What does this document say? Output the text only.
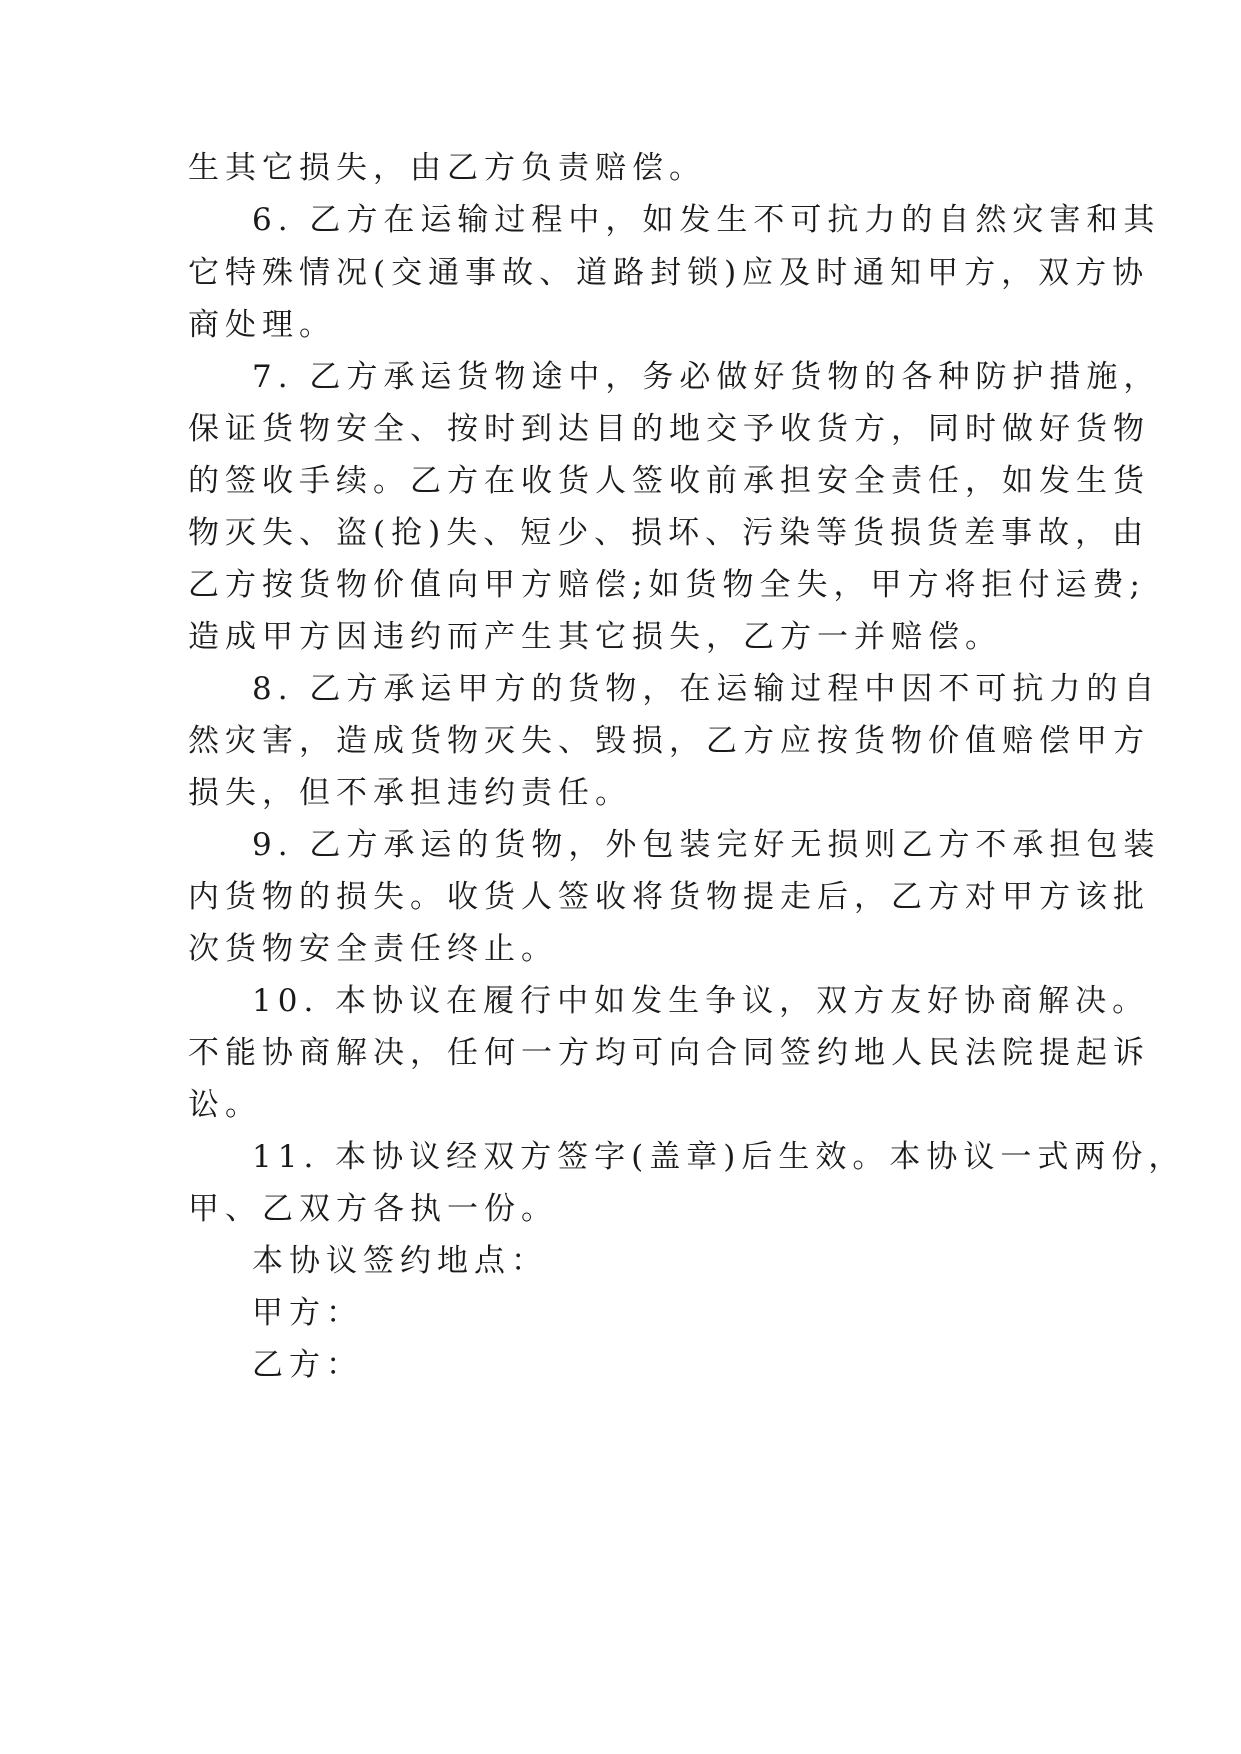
生其它损失，由乙方负责赔偿。
6. 乙方在运输过程中，如发生不可抗力的自然灾害和其
它特殊情况(交通事故、道路封锁)应及时通知甲方，双方协
商处理。
7. 乙方承运货物途中，务必做好货物的各种防护措施，
保证货物安全、按时到达目的地交予收货方，同时做好货物
的签收手续。乙方在收货人签收前承担安全责任，如发生货
物灭失、盗(抢)失、短少、损坏、污染等货损货差事故，由
乙方按货物价值向甲方赔偿;如货物全失，甲方将拒付运费;
造成甲方因违约而产生其它损失，乙方一并赔偿。
8. 乙方承运甲方的货物，在运输过程中因不可抗力的自
然灾害，造成货物灭失、毁损，乙方应按货物价值赔偿甲方
损失，但不承担违约责任。
9. 乙方承运的货物，外包装完好无损则乙方不承担包装
内货物的损失。收货人签收将货物提走后，乙方对甲方该批
次货物安全责任终止。
10. 本协议在履行中如发生争议，双方友好协商解决。
不能协商解决，任何一方均可向合同签约地人民法院提起诉
讼。
11. 本协议经双方签字(盖章)后生效。本协议一式两份，
甲、乙双方各执一份。
本协议签约地点：
甲方：
乙方：
